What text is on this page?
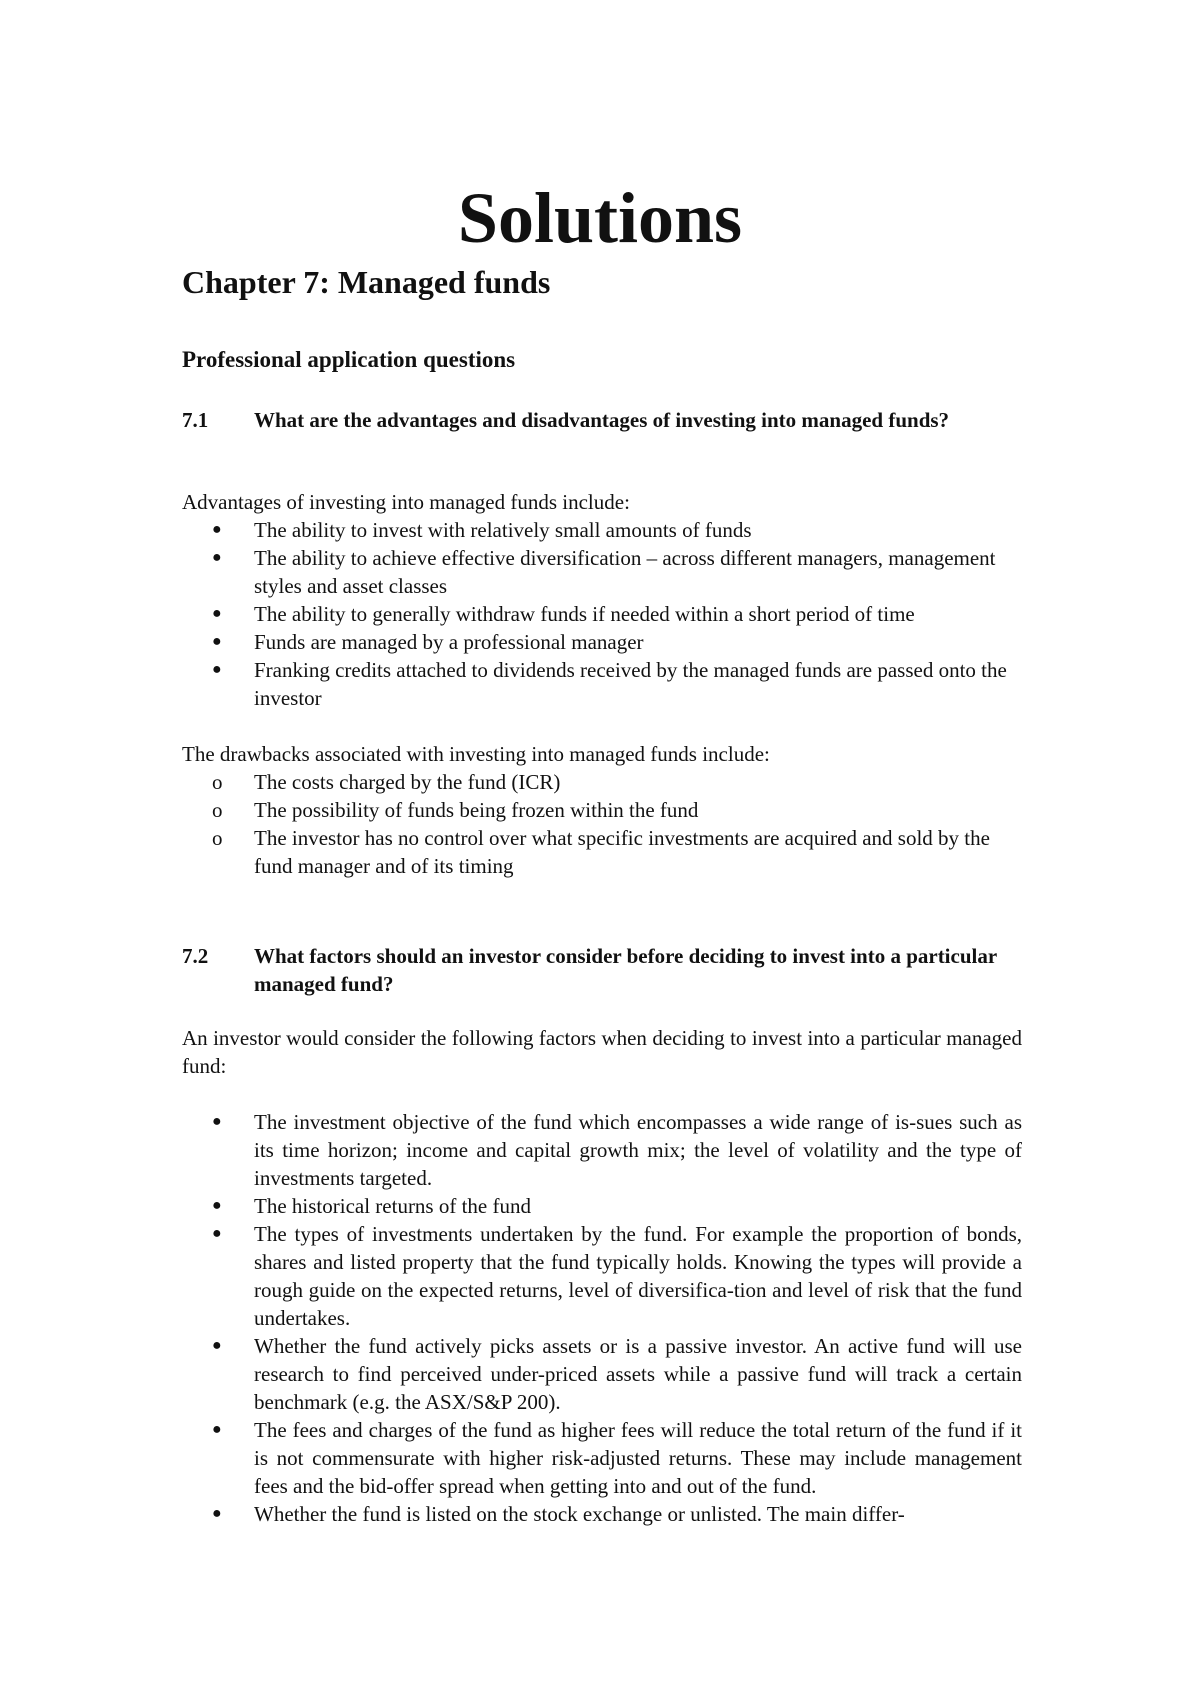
Solutions
Chapter 7: Managed funds
Professional application questions
7.1 What are the advantages and disadvantages of investing into managed funds?
Advantages of investing into managed funds include:
●	The ability to invest with relatively small amounts of funds
●	The ability to achieve effective diversification – across different managers, management styles and asset classes
●	The ability to generally withdraw funds if needed within a short period of time
●	Funds are managed by a professional manager
●	Franking credits attached to dividends received by the managed funds are passed onto the investor
The drawbacks associated with investing into managed funds include:
o	The costs charged by the fund (ICR)
o	The possibility of funds being frozen within the fund
o	The investor has no control over what specific investments are acquired and sold by the fund manager and of its timing
7.2 What factors should an investor consider before deciding to invest into a particular managed fund?
An investor would consider the following factors when deciding to invest into a particular managed fund:
●	The investment objective of the fund which encompasses a wide range of is-sues such as its time horizon; income and capital growth mix; the level of volatility and the type of investments targeted.
●	The historical returns of the fund
●	The types of investments undertaken by the fund. For example the proportion of bonds, shares and listed property that the fund typically holds. Knowing the types will provide a rough guide on the expected returns, level of diversifica-tion and level of risk that the fund undertakes.
●	Whether the fund actively picks assets or is a passive investor. An active fund will use research to find perceived under-priced assets while a passive fund will track a certain benchmark (e.g. the ASX/S&P 200).
●	The fees and charges of the fund as higher fees will reduce the total return of the fund if it is not commensurate with higher risk-adjusted returns. These may include management fees and the bid-offer spread when getting into and out of the fund.
●	Whether the fund is listed on the stock exchange or unlisted. The main differ-
